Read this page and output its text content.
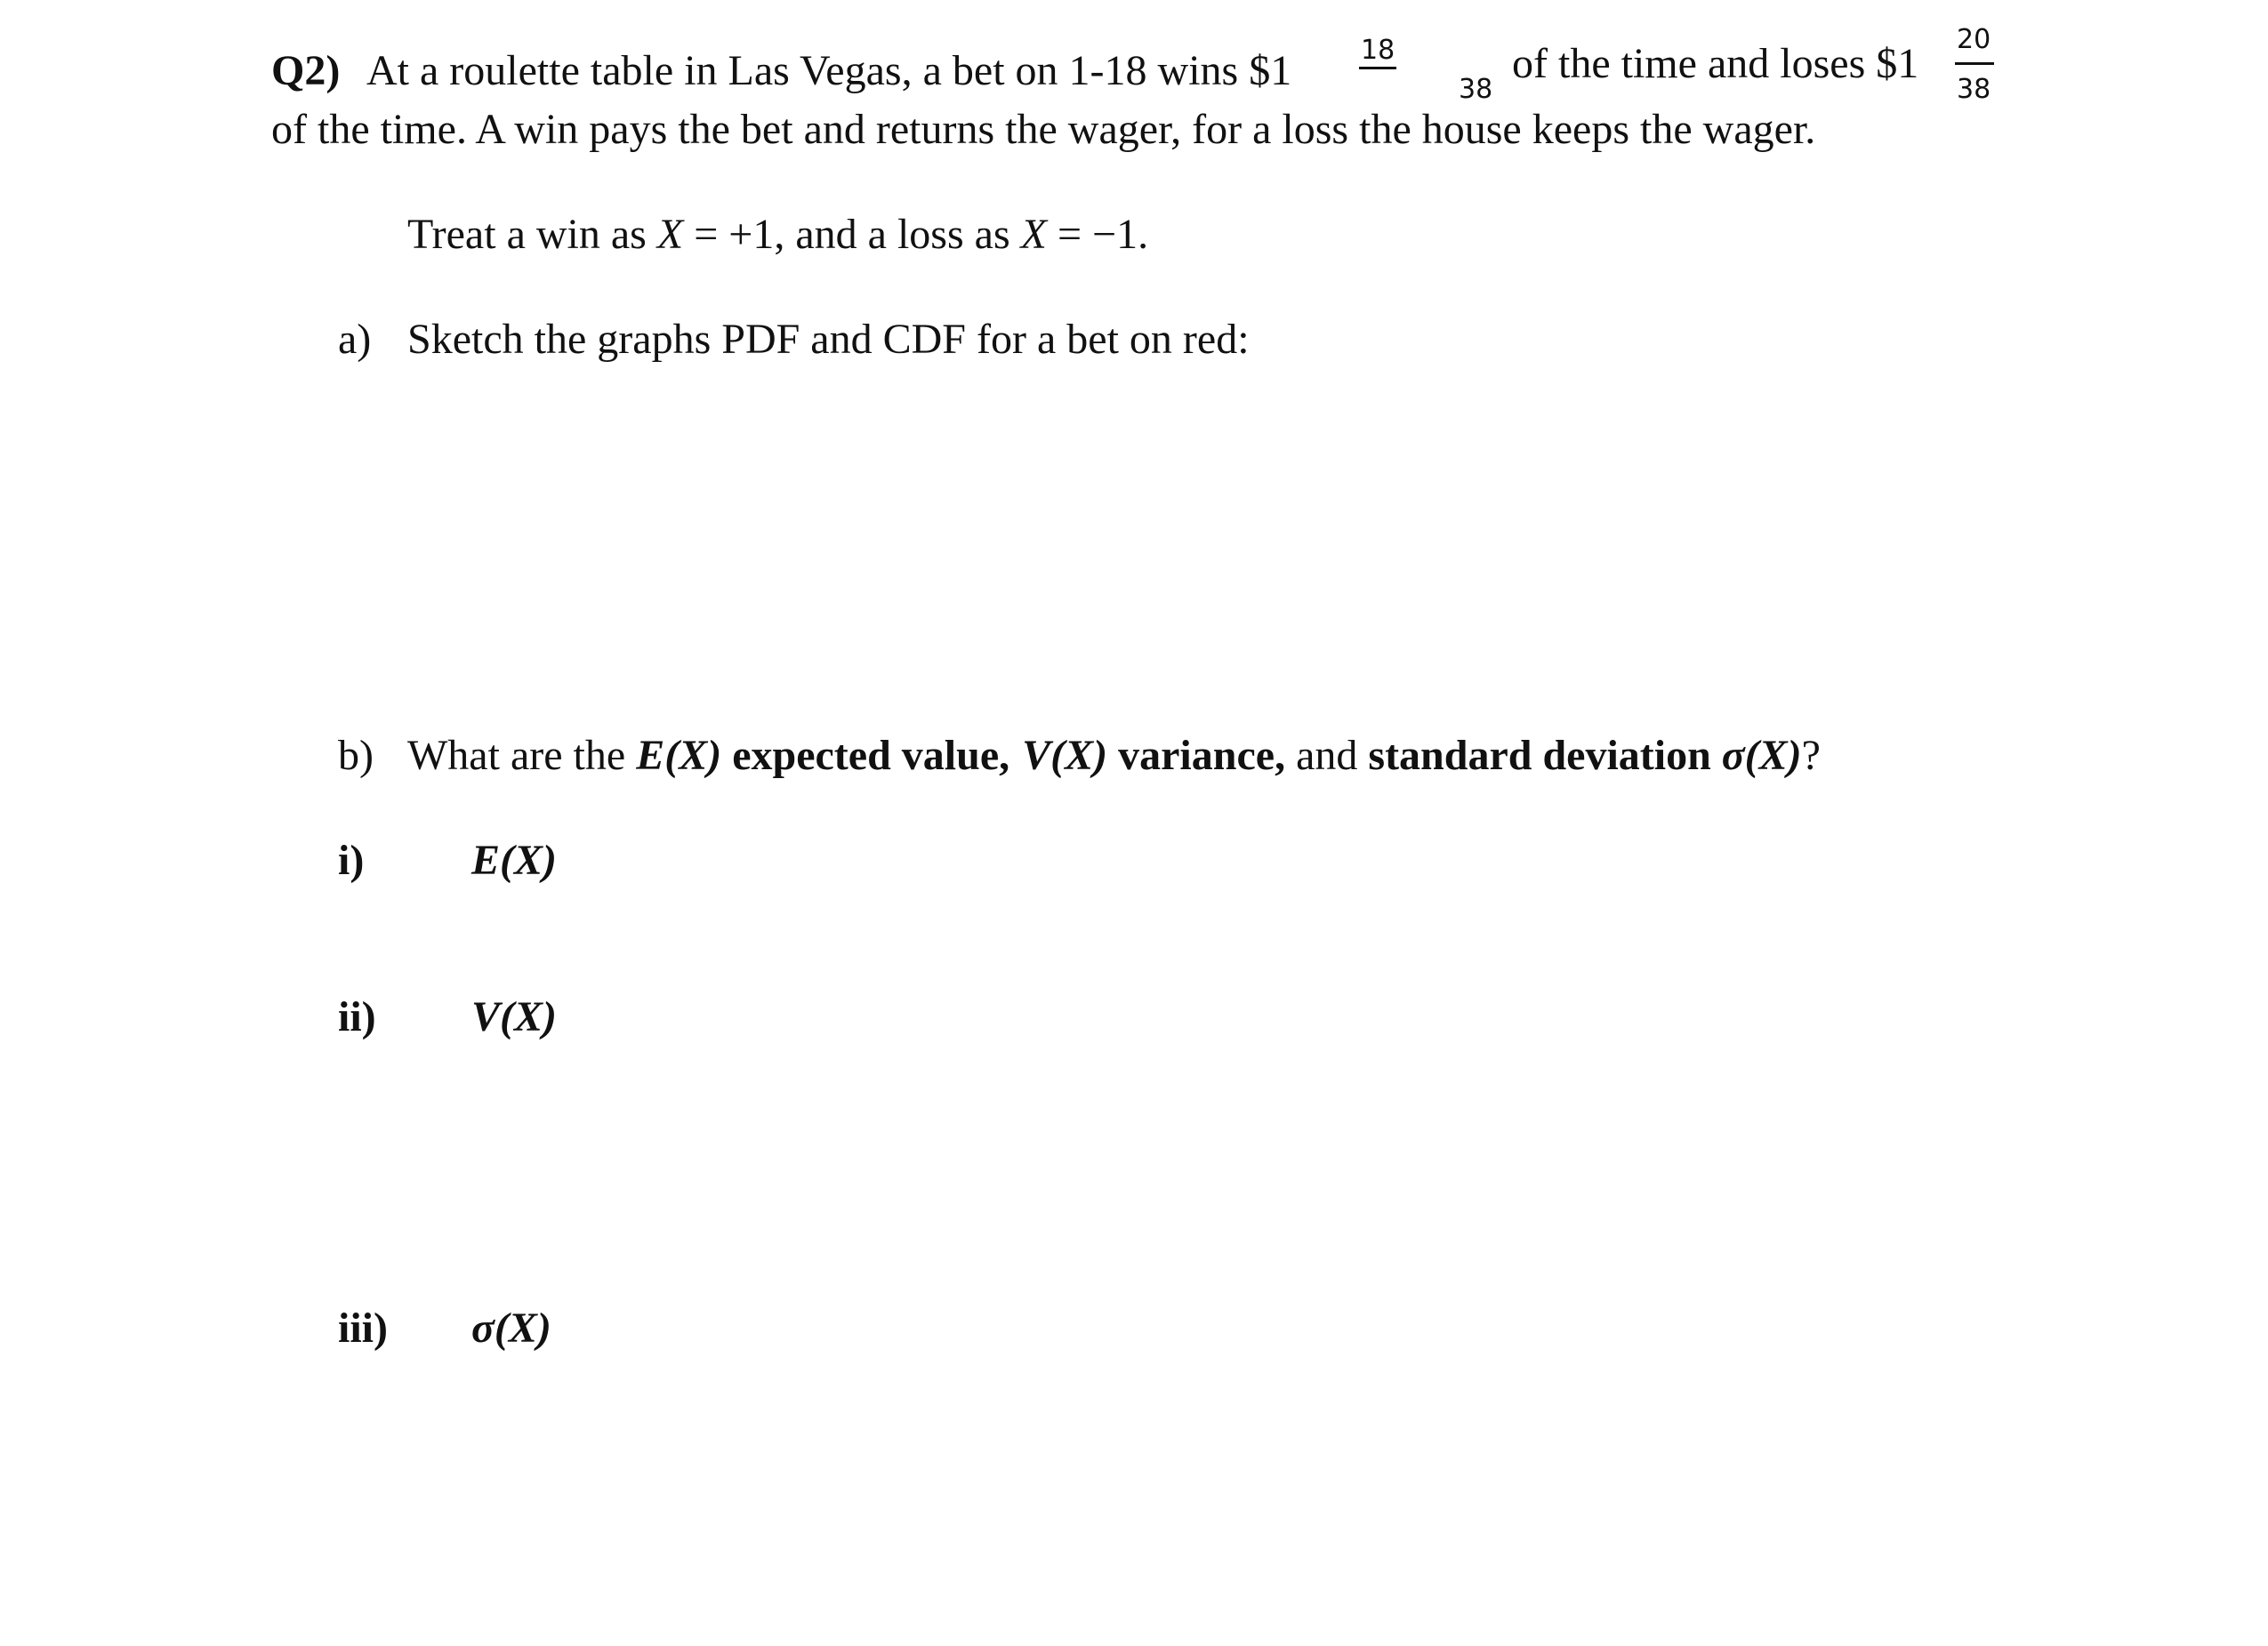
Q2) At a roulette table in Las Vegas, a bet on 1-18 wins $1	18
38
of the time and loses $1
20
38
of the time. A win pays the bet and returns the wager, for a loss the house keeps the wager.
Treat a win as X = +1, and a loss as X = −1.
a) Sketch the graphs PDF and CDF for a bet on red:
b) What are the E(X) expected value, V(X) variance, and standard deviation σ(X)?
i)	E(X)
ii) V(X)
iii) σ(X)
